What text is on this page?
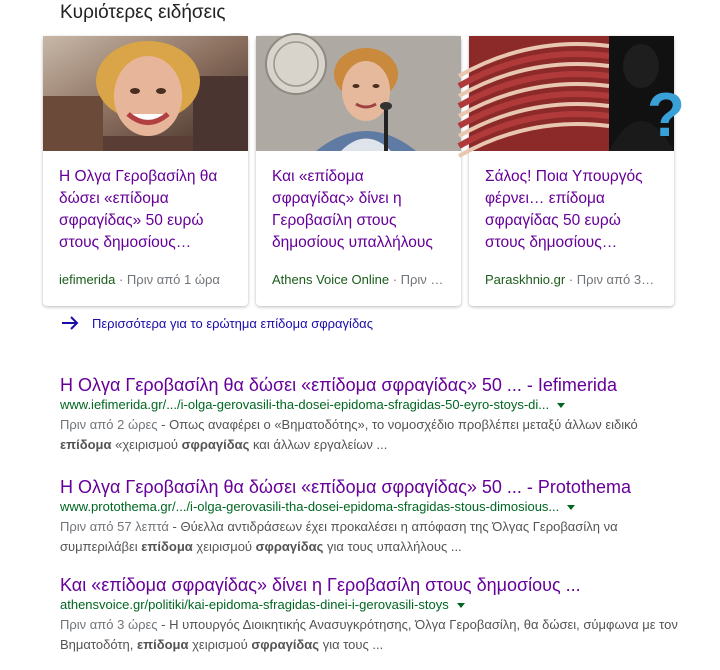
Κυριότερες ειδήσεις
Η Ολγα Γεροβασίλη θα δώσει «επίδομα σφραγίδας» 50 ευρώ στους δημοσίους…
iefimerida · Πριν από 1 ώρα
Και «επίδομα σφραγίδας» δίνει η Γεροβασίλη στους δημοσίους υπαλλήλους
Athens Voice Online · Πριν …
?
Σάλος! Ποια Υπουργός φέρνει… επίδομα σφραγίδας 50 ευρώ στους δημοσίους…
Paraskhnio.gr · Πριν από 3…
Περισσότερα για το ερώτημα επίδομα σφραγίδας
Η Ολγα Γεροβασίλη θα δώσει «επίδομα σφραγίδας» 50 ... - Iefimerida
www.iefimerida.gr/.../i-olga-gerovasili-tha-dosei-epidoma-sfragidas-50-eyro-stoys-di...
Πριν από 2 ώρες - Οπως αναφέρει ο «Βηματοδότης», το νομοσχέδιο προβλέπει μεταξύ άλλων ειδικό επίδομα «χειρισμού σφραγίδας και άλλων εργαλείων ...
Η Ολγα Γεροβασίλη θα δώσει «επίδομα σφραγίδας» 50 ... - Protothema
www.protothema.gr/.../i-olga-gerovasili-tha-dosei-epidoma-sfragidas-stous-dimosious...
Πριν από 57 λεπτά - Θύελλα αντιδράσεων έχει προκαλέσει η απόφαση της Όλγας Γεροβασίλη να συμπεριλάβει επίδομα χειρισμού σφραγίδας για τους υπαλλήλους ...
Και «επίδομα σφραγίδας» δίνει η Γεροβασίλη στους δημοσίους ...
athensvoice.gr/politiki/kai-epidoma-sfragidas-dinei-i-gerovasili-stoys
Πριν από 3 ώρες - Η υπουργός Διοικητικής Ανασυγκρότησης, Όλγα Γεροβασίλη, θα δώσει, σύμφωνα με τον Βηματοδότη, επίδομα χειρισμού σφραγίδας για τους ...
